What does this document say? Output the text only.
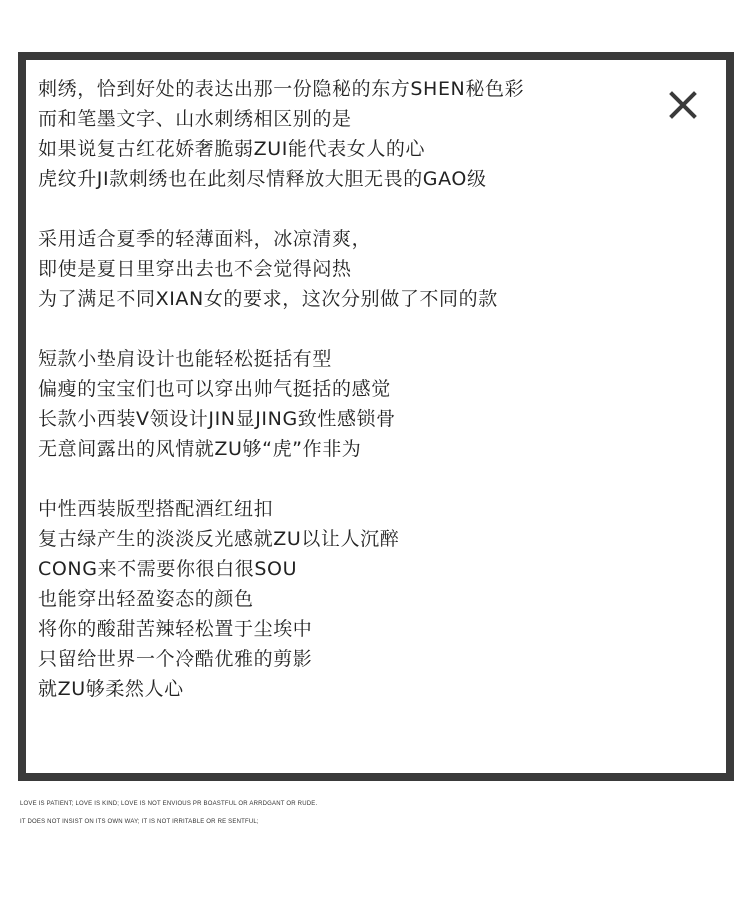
刺绣，恰到好处的表达出那一份隐秘的东方SHEN秘色彩
而和笔墨文字、山水刺绣相区别的是
如果说复古红花娇奢脆弱ZUI能代表女人的心
虎纹升JI款刺绣也在此刻尽情释放大胆无畏的GAO级
采用适合夏季的轻薄面料，冰凉清爽，
即使是夏日里穿出去也不会觉得闷热
为了满足不同XIAN女的要求，这次分别做了不同的款
短款小垫肩设计也能轻松挺括有型
偏瘦的宝宝们也可以穿出帅气挺括的感觉
长款小西装V领设计JIN显JING致性感锁骨
无意间露出的风情就ZU够“虎”作非为
中性西装版型搭配酒红纽扣
复古绿产生的淡淡反光感就ZU以让人沉醉
CONG来不需要你很白很SOU
也能穿出轻盈姿态的颜色
将你的酸甜苦辣轻松置于尘埃中
只留给世界一个冷酷优雅的剪影
就ZU够柔然人心
LOVE IS PATIENT; LOVE IS KIND; LOVE IS NOT ENVIOUS PR BOASTFUL OR ARRDGANT OR RUDE.
IT DOES NOT INSIST ON ITS OWN WAY; IT IS NOT IRRITABLE OR RE SENTFUL;
